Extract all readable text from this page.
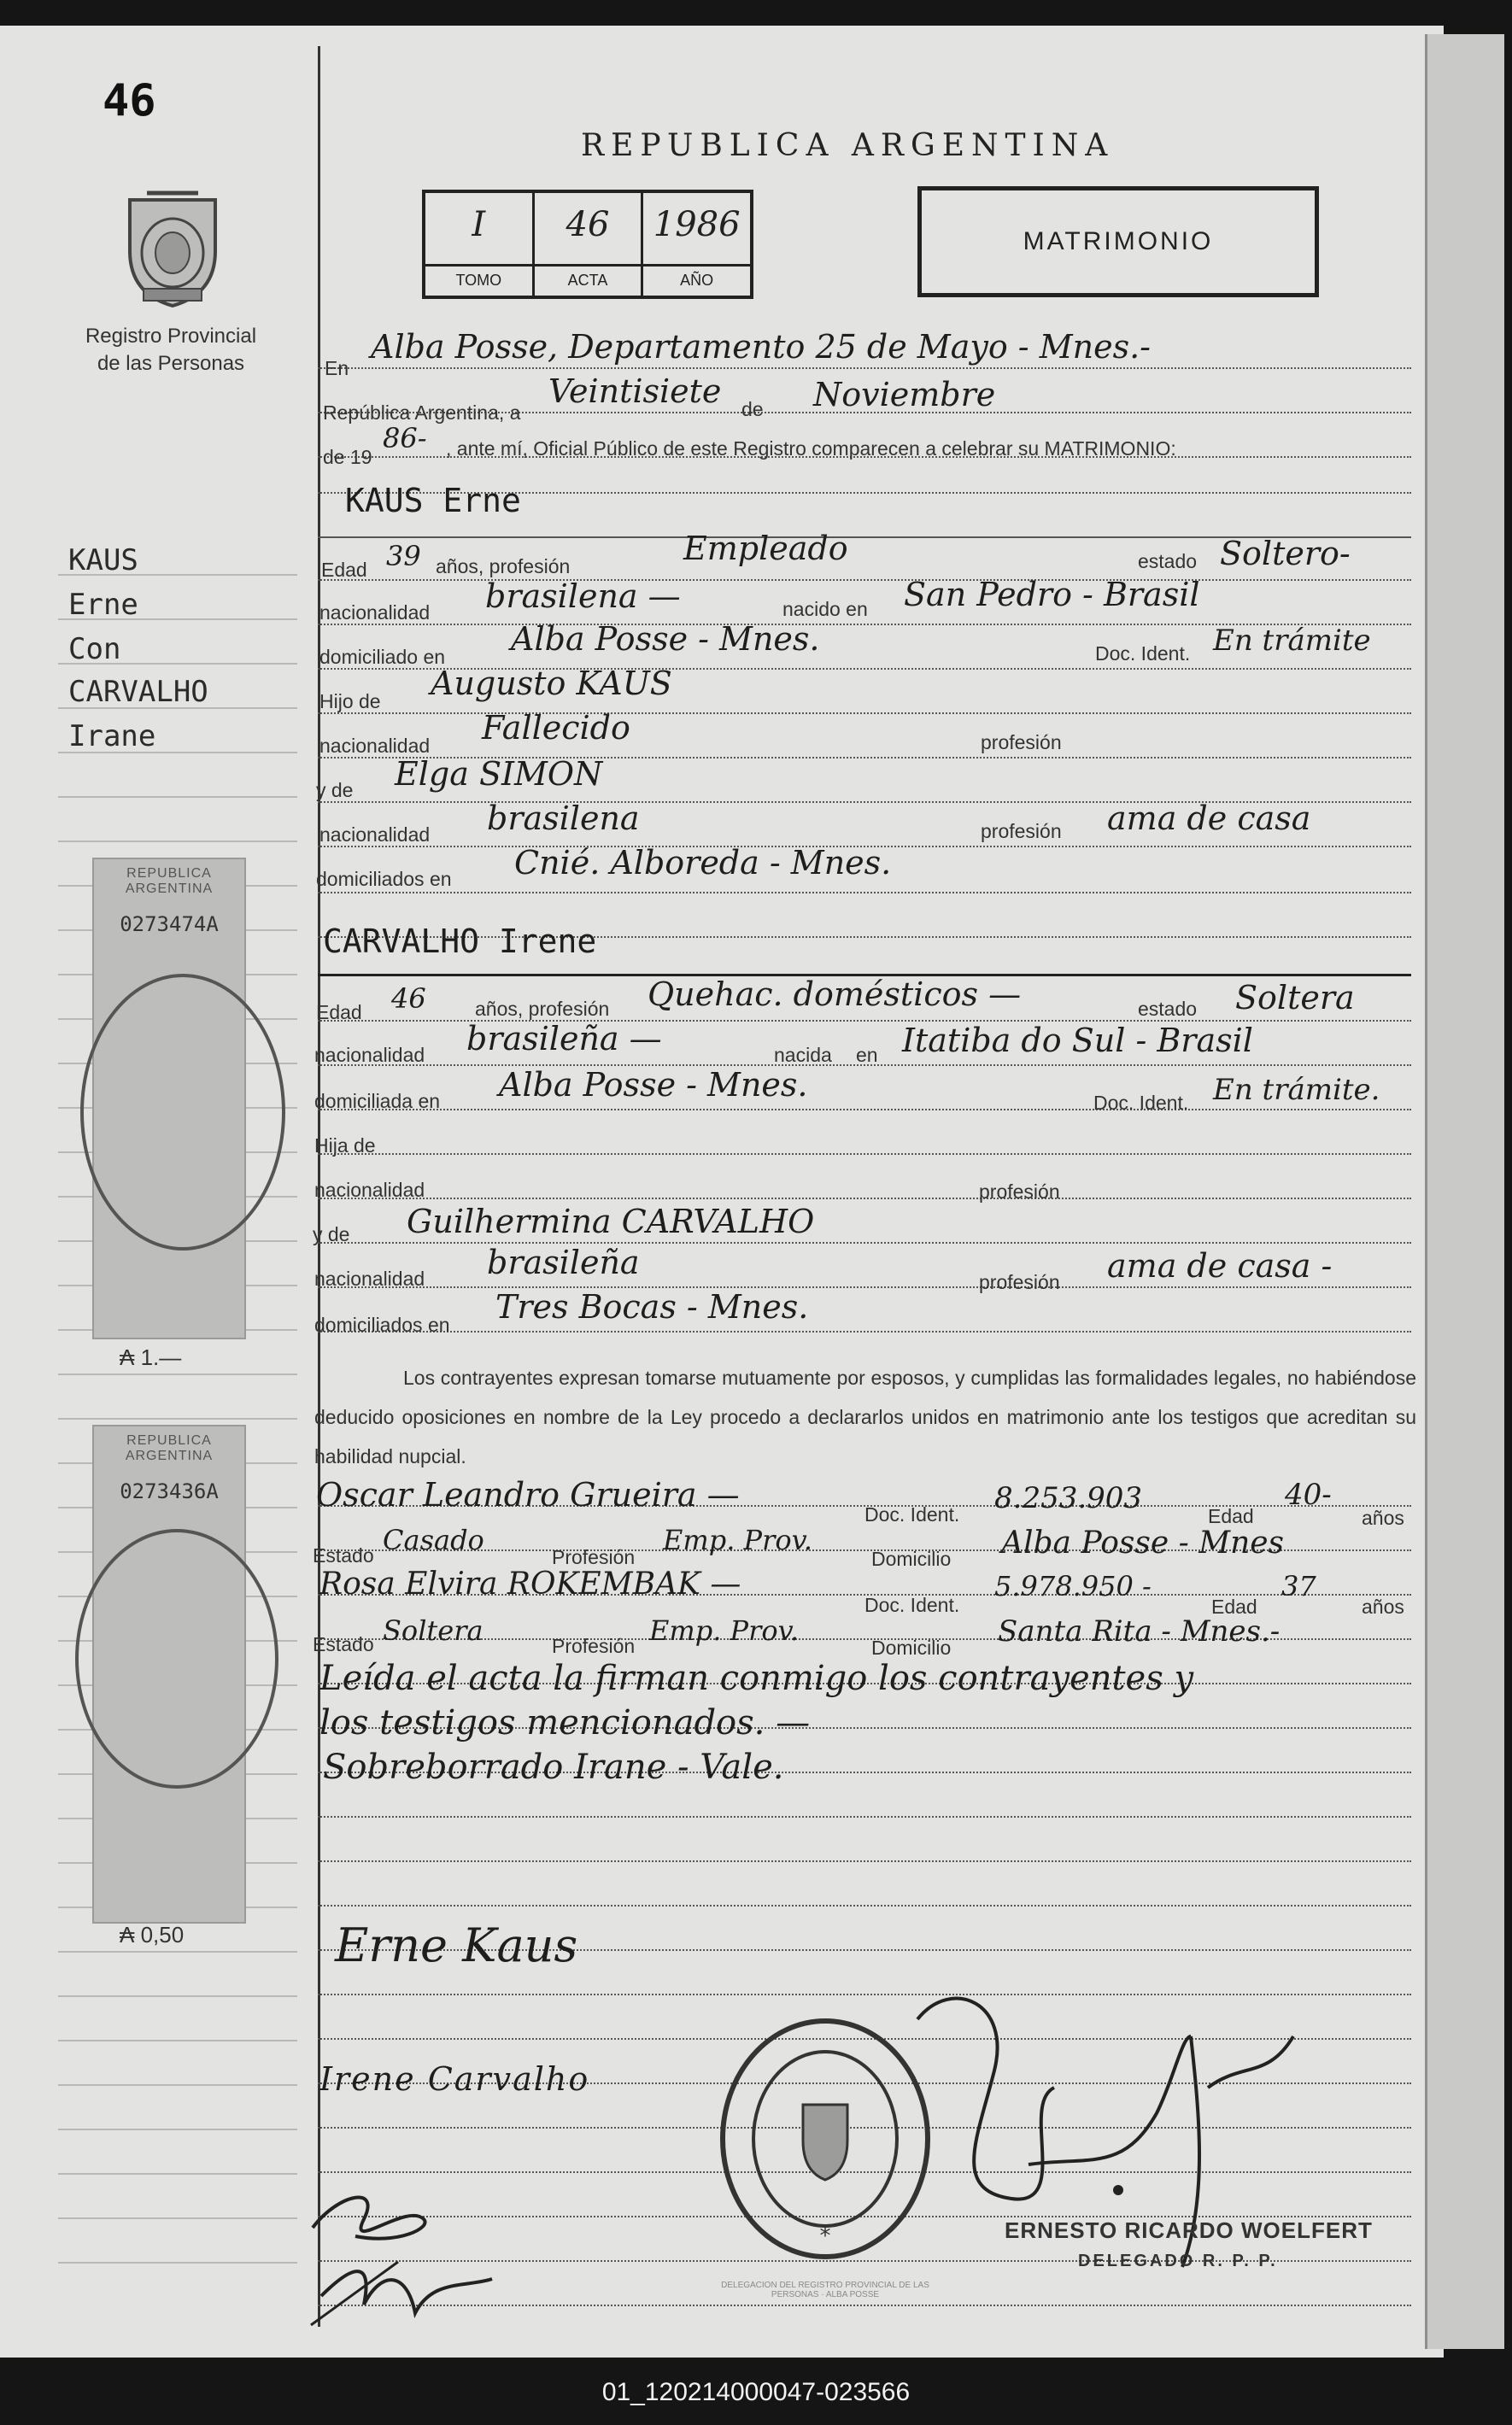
46
Registro Provincial
de las Personas
KAUS
Erne
Con
CARVALHO
Irane
REPUBLICA ARGENTINA
0273474A
₳ 1.—
REPUBLICA ARGENTINA
0273436A
₳ 0,50
REPUBLICA ARGENTINA
I
TOMO
46
ACTA
1986
AÑO
MATRIMONIO
En
Alba Posse, Departamento 25 de Mayo - Mnes.-
República Argentina, a
Veintisiete de Noviembre
de 19
86- , ante mí, Oficial Público de este Registro comparecen a celebrar su MATRIMONIO:
KAUS Erne
Edad 39 años, profesión	Empleado	estado Soltero-
nacionalidad brasilena —	nacido en San Pedro - Brasil
domiciliado en Alba Posse - Mnes.	Doc. Ident. En trámite
Hijo de Augusto KAUS
nacionalidad Fallecido	profesión
y de Elga SIMON
nacionalidad brasilena	profesión ama de casa
domiciliados en Cnié. Alboreda - Mnes.
CARVALHO Irene
Edad 46 años, profesión Quehac. domésticos —	estado Soltera
nacionalidad brasileña —	nacida en Itatiba do Sul - Brasil
domiciliada en Alba Posse - Mnes.	Doc. Ident. En trámite.
Hija de
nacionalidad	profesión
y de Guilhermina CARVALHO
nacionalidad brasileña
profesión ama de casa -
domiciliados en Tres Bocas - Mnes.
Los contrayentes expresan tomarse mutuamente por esposos, y cumplidas las formalidades legales, no habiéndose deducido oposiciones en nombre de la Ley procedo a declararlos unidos en matrimonio ante los testigos que acreditan su habilidad nupcial.
Oscar Leandro Grueira —
Doc. Ident. 8.253.903
Edad
40-
años
Estado Casado
Profesión
Emp. Prov.
Domicilio Alba Posse - Mnes
Rosa Elvira ROKEMBAK —
Doc. Ident.
5.978.950 -
Edad
37
años
Estado Soltera	Profesión Emp. Prov.
Domicilio Santa Rita - Mnes.-
Leída el acta la firman conmigo los contrayentes y
los testigos mencionados. —
Sobreborrado Irane - Vale.
Erne Kaus
Irene Carvalho
*
DELEGACION DEL REGISTRO PROVINCIAL DE LAS PERSONAS · ALBA POSSE
ERNESTO RICARDO WOELFERT
DELEGADO R. P. P.
01_120214000047-023566
